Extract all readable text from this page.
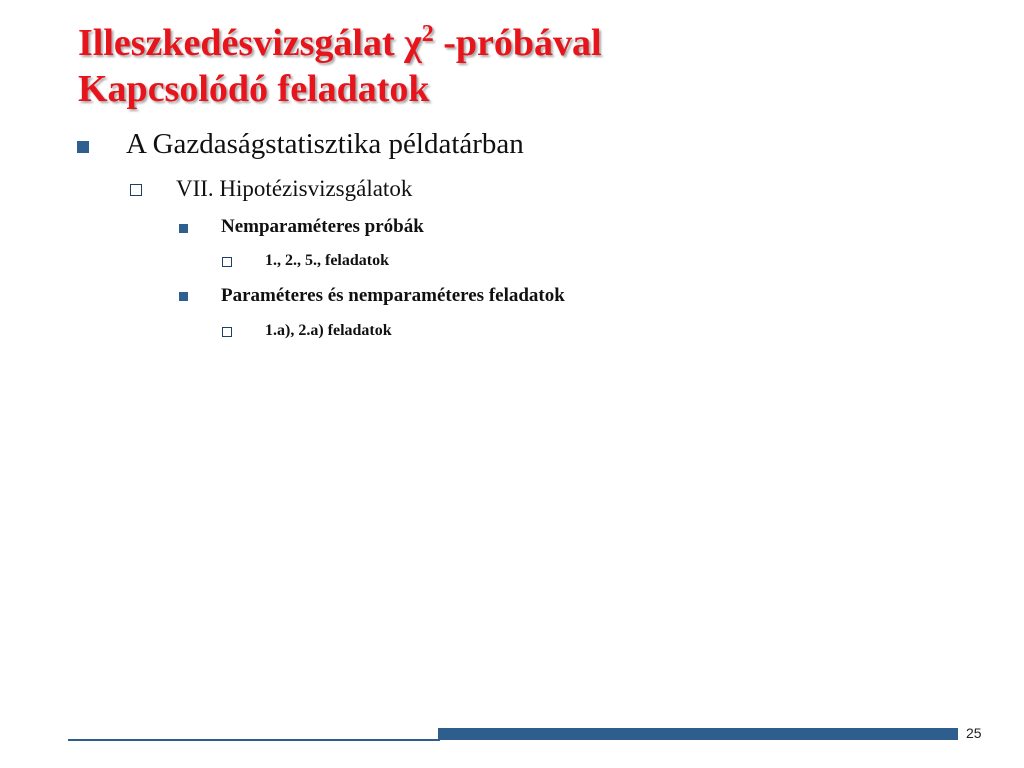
Illeszkedésvizsgálat $\chi^2$ -próbával
Kapcsolódó feladatok
A Gazdaságstatisztika példatárban
VII. Hipotézisvizsgálatok
Nemparaméteres próbák
1., 2., 5., feladatok
Paraméteres és nemparaméteres feladatok
1.a), 2.a) feladatok
25
